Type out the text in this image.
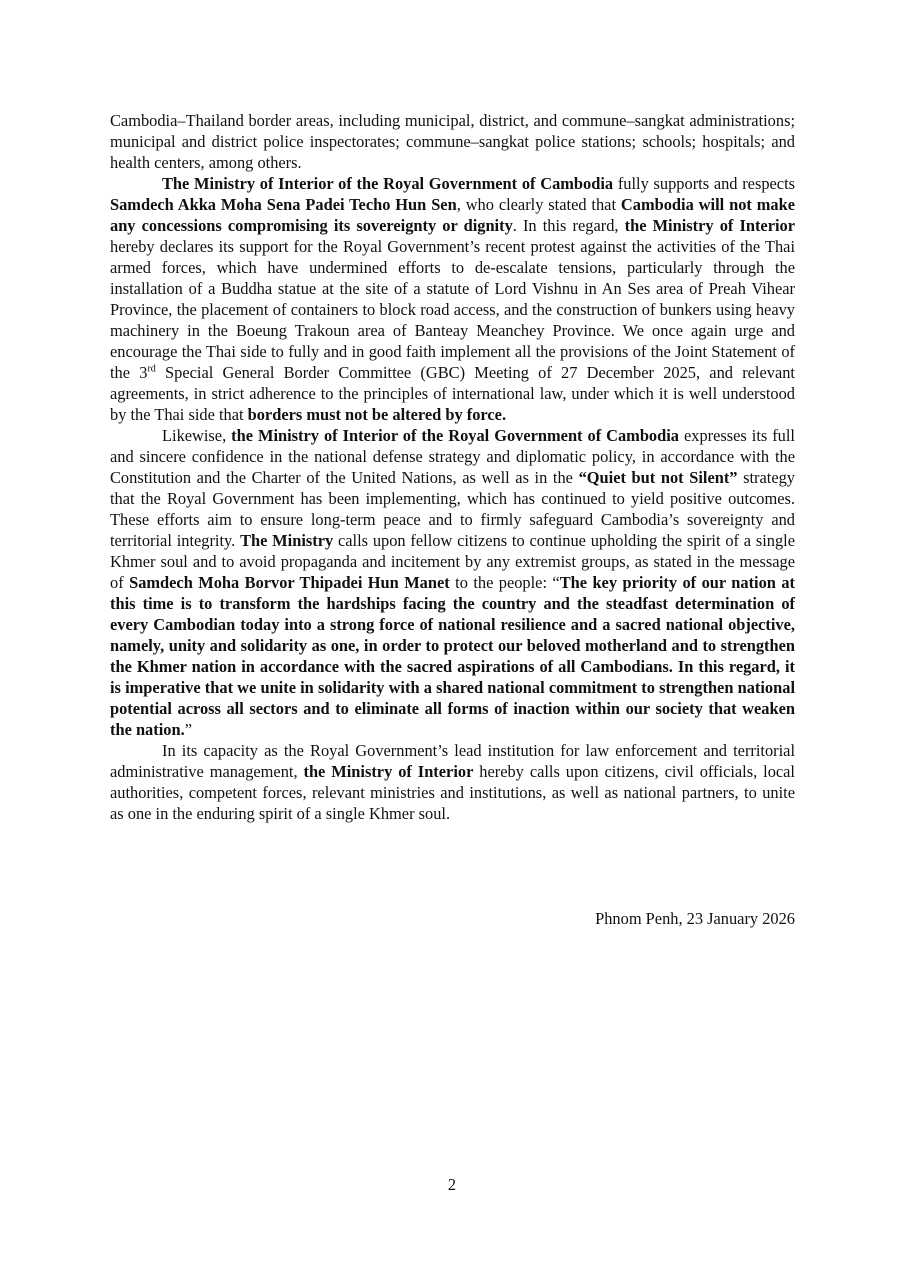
Cambodia–Thailand border areas, including municipal, district, and commune–sangkat administrations; municipal and district police inspectorates; commune–sangkat police stations; schools; hospitals; and health centers, among others.

The Ministry of Interior of the Royal Government of Cambodia fully supports and respects Samdech Akka Moha Sena Padei Techo Hun Sen, who clearly stated that Cambodia will not make any concessions compromising its sovereignty or dignity. In this regard, the Ministry of Interior hereby declares its support for the Royal Government’s recent protest against the activities of the Thai armed forces, which have undermined efforts to de-escalate tensions, particularly through the installation of a Buddha statue at the site of a statute of Lord Vishnu in An Ses area of Preah Vihear Province, the placement of containers to block road access, and the construction of bunkers using heavy machinery in the Boeung Trakoun area of Banteay Meanchey Province. We once again urge and encourage the Thai side to fully and in good faith implement all the provisions of the Joint Statement of the 3rd Special General Border Committee (GBC) Meeting of 27 December 2025, and relevant agreements, in strict adherence to the principles of international law, under which it is well understood by the Thai side that borders must not be altered by force.

Likewise, the Ministry of Interior of the Royal Government of Cambodia expresses its full and sincere confidence in the national defense strategy and diplomatic policy, in accordance with the Constitution and the Charter of the United Nations, as well as in the “Quiet but not Silent” strategy that the Royal Government has been implementing, which has continued to yield positive outcomes. These efforts aim to ensure long-term peace and to firmly safeguard Cambodia’s sovereignty and territorial integrity. The Ministry calls upon fellow citizens to continue upholding the spirit of a single Khmer soul and to avoid propaganda and incitement by any extremist groups, as stated in the message of Samdech Moha Borvor Thipadei Hun Manet to the people: “The key priority of our nation at this time is to transform the hardships facing the country and the steadfast determination of every Cambodian today into a strong force of national resilience and a sacred national objective, namely, unity and solidarity as one, in order to protect our beloved motherland and to strengthen the Khmer nation in accordance with the sacred aspirations of all Cambodians. In this regard, it is imperative that we unite in solidarity with a shared national commitment to strengthen national potential across all sectors and to eliminate all forms of inaction within our society that weaken the nation.”

In its capacity as the Royal Government’s lead institution for law enforcement and territorial administrative management, the Ministry of Interior hereby calls upon citizens, civil officials, local authorities, competent forces, relevant ministries and institutions, as well as national partners, to unite as one in the enduring spirit of a single Khmer soul.

Phnom Penh, 23 January 2026
2
